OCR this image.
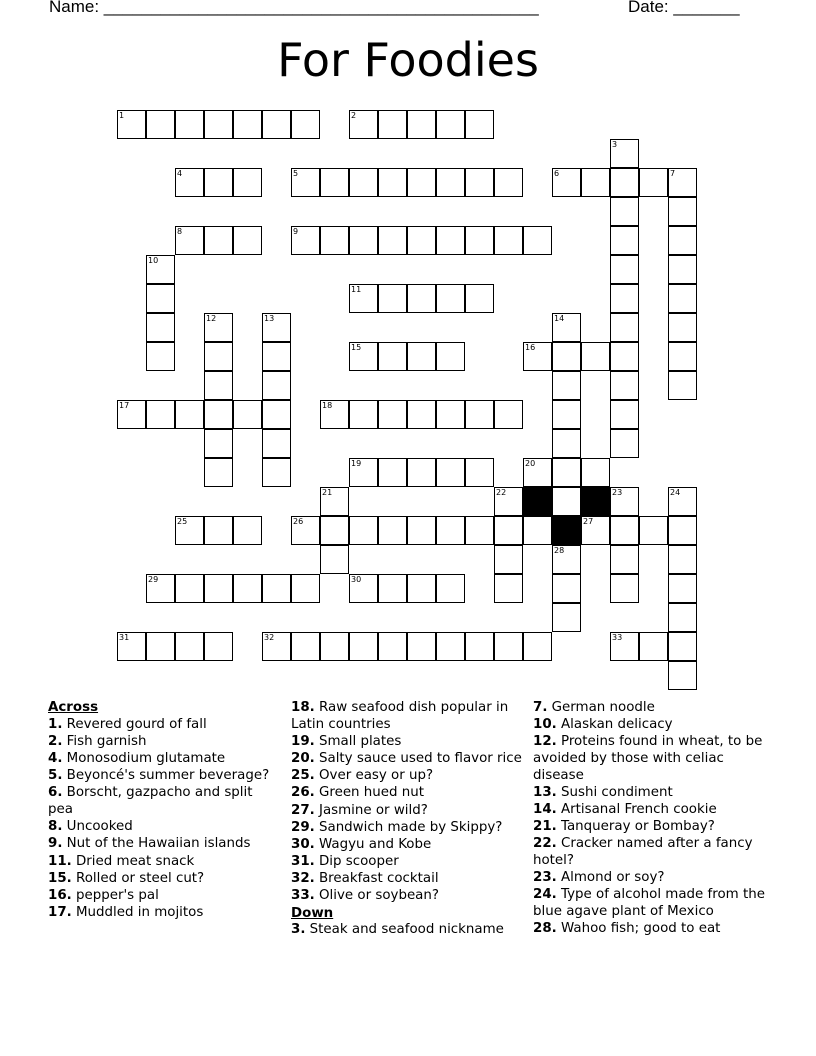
Name: ______________________________________________	Date: _______
For Foodies
1	2
4	5	6	7
8	9
11
15	16
17	18
19	20
25	26	27
29	30
31	32	33
3
10
12	13	14
21	22	23	24
28
Across
1. Revered gourd of fall
2. Fish garnish
4. Monosodium glutamate
5. Beyoncé's summer beverage?
6. Borscht, gazpacho and split pea
8. Uncooked
9. Nut of the Hawaiian islands
11. Dried meat snack
15. Rolled or steel cut?
16. pepper's pal
17. Muddled in mojitos
18. Raw seafood dish popular in Latin countries
19. Small plates
20. Salty sauce used to flavor rice
25. Over easy or up?
26. Green hued nut
27. Jasmine or wild?
29. Sandwich made by Skippy?
30. Wagyu and Kobe
31. Dip scooper
32. Breakfast cocktail
33. Olive or soybean?
Down
3. Steak and seafood nickname
7. German noodle
10. Alaskan delicacy
12. Proteins found in wheat, to be avoided by those with celiac disease
13. Sushi condiment
14. Artisanal French cookie
21. Tanqueray or Bombay?
22. Cracker named after a fancy hotel?
23. Almond or soy?
24. Type of alcohol made from the blue agave plant of Mexico
28. Wahoo fish; good to eat
